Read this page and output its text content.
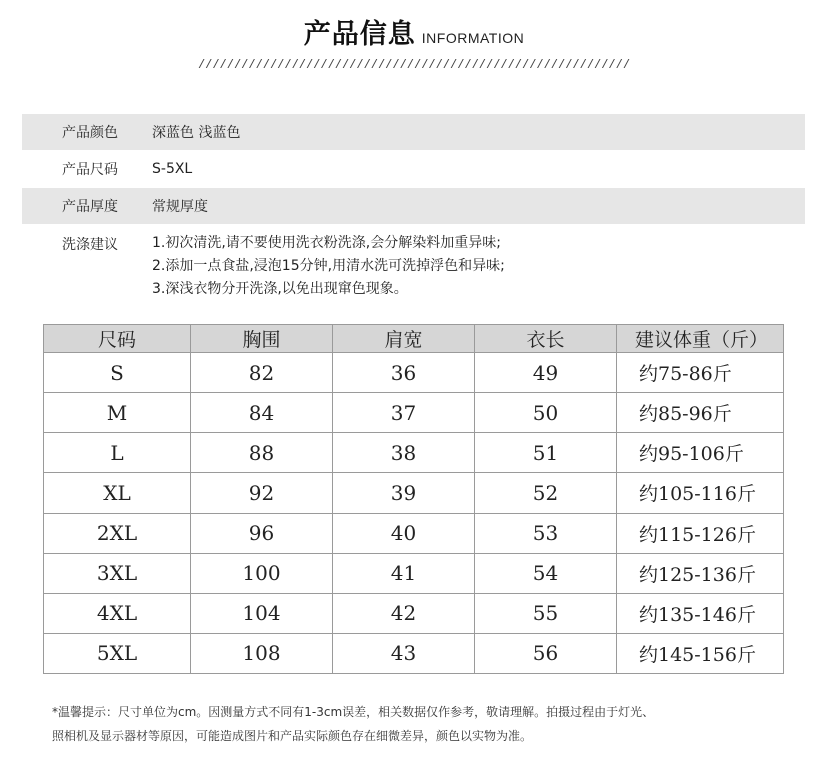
产品信息 INFORMATION
////////////////////////////////////////////////////////////
产品颜色	深蓝色 浅蓝色
产品尺码	S-5XL
产品厚度	常规厚度
洗涤建议	1.初次清洗,请不要使用洗衣粉洗涤,会分解染料加重异味;
2.添加一点食盐,浸泡15分钟,用清水洗可洗掉浮色和异味;
3.深浅衣物分开洗涤,以免出现窜色现象。
尺码	胸围	肩宽	衣长	建议体重（斤）
S	82	36	49	约75-86斤
M	84	37	50	约85-96斤
L	88	38	51	约95-106斤
XL	92	39	52	约105-116斤
2XL	96	40	53	约115-126斤
3XL	100	41	54	约125-136斤
4XL	104	42	55	约135-146斤
5XL	108	43	56	约145-156斤
*温馨提示：尺寸单位为cm。因测量方式不同有1-3cm误差，相关数据仅作参考，敬请理解。拍摄过程由于灯光、
照相机及显示器材等原因，可能造成图片和产品实际颜色存在细微差异，颜色以实物为准。
